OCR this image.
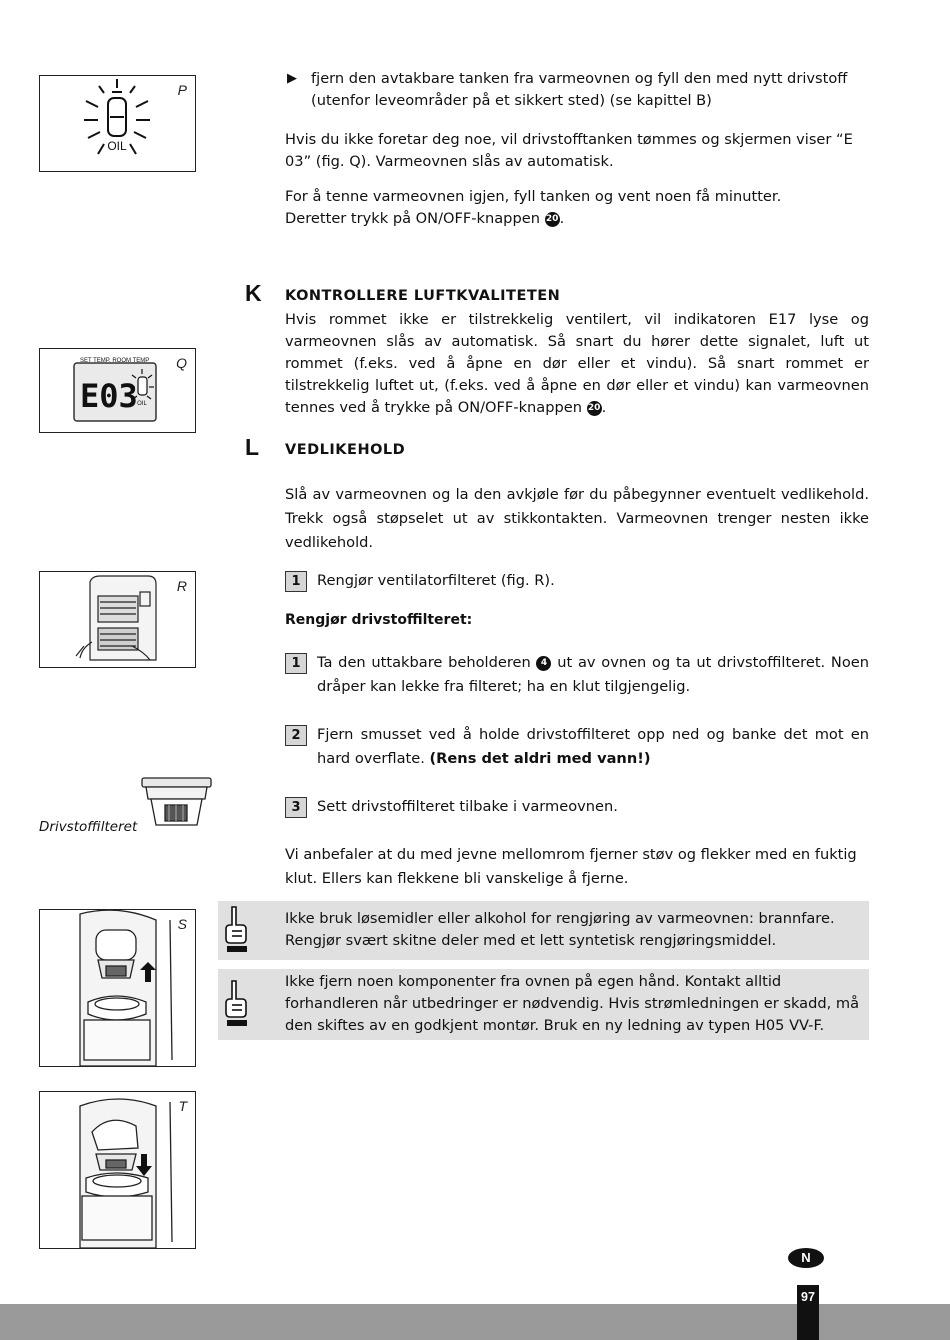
OIL
P
SET TEMP. ROOM TEMP
E03 OIL
Q
R
Drivstoffilteret
S
T
▶ fjern den avtakbare tanken fra varmeovnen og fyll den med nytt drivstoff (utenfor leveområder på et sikkert sted) (se kapittel B)
Hvis du ikke foretar deg noe, vil drivstofftanken tømmes og skjermen viser “E 03” (fig. Q). Varmeovnen slås av automatisk.
For å tenne varmeovnen igjen, fyll tanken og vent noen få minutter.
Deretter trykk på ON/OFF-knappen 20.
K KONTROLLERE LUFTKVALITETEN
Hvis rommet ikke er tilstrekkelig ventilert, vil indikatoren E17 lyse og varmeovnen slås av automatisk. Så snart du hører dette signalet, luft ut rommet (f.eks. ved å åpne en dør eller et vindu). Så snart rommet er tilstrekkelig luftet ut, (f.eks. ved å åpne en dør eller et vindu) kan varmeovnen tennes ved å trykke på ON/OFF-knappen 20.
L VEDLIKEHOLD
Slå av varmeovnen og la den avkjøle før du påbegynner eventuelt vedlikehold. Trekk også støpselet ut av stikkontakten. Varmeovnen trenger nesten ikke vedlikehold.
1	Rengjør ventilatorfilteret (fig. R).
Rengjør drivstoffilteret:
1	Ta den uttakbare beholderen 4 ut av ovnen og ta ut drivstoffilteret. Noen dråper kan lekke fra filteret; ha en klut tilgjengelig.
2	Fjern smusset ved å holde drivstoffilteret opp ned og banke det mot en hard overflate. (Rens det aldri med vann!)
3	Sett drivstoffilteret tilbake i varmeovnen.
Vi anbefaler at du med jevne mellomrom fjerner støv og flekker med en fuktig klut. Ellers kan flekkene bli vanskelige å fjerne.
Ikke bruk løsemidler eller alkohol for rengjøring av varmeovnen: brannfare. Rengjør svært skitne deler med et lett syntetisk rengjøringsmiddel.
Ikke fjern noen komponenter fra ovnen på egen hånd. Kontakt alltid forhandleren når utbedringer er nødvendig. Hvis strømledningen er skadd, må den skiftes av en godkjent montør. Bruk en ny ledning av typen H05 VV-F.
N
97
